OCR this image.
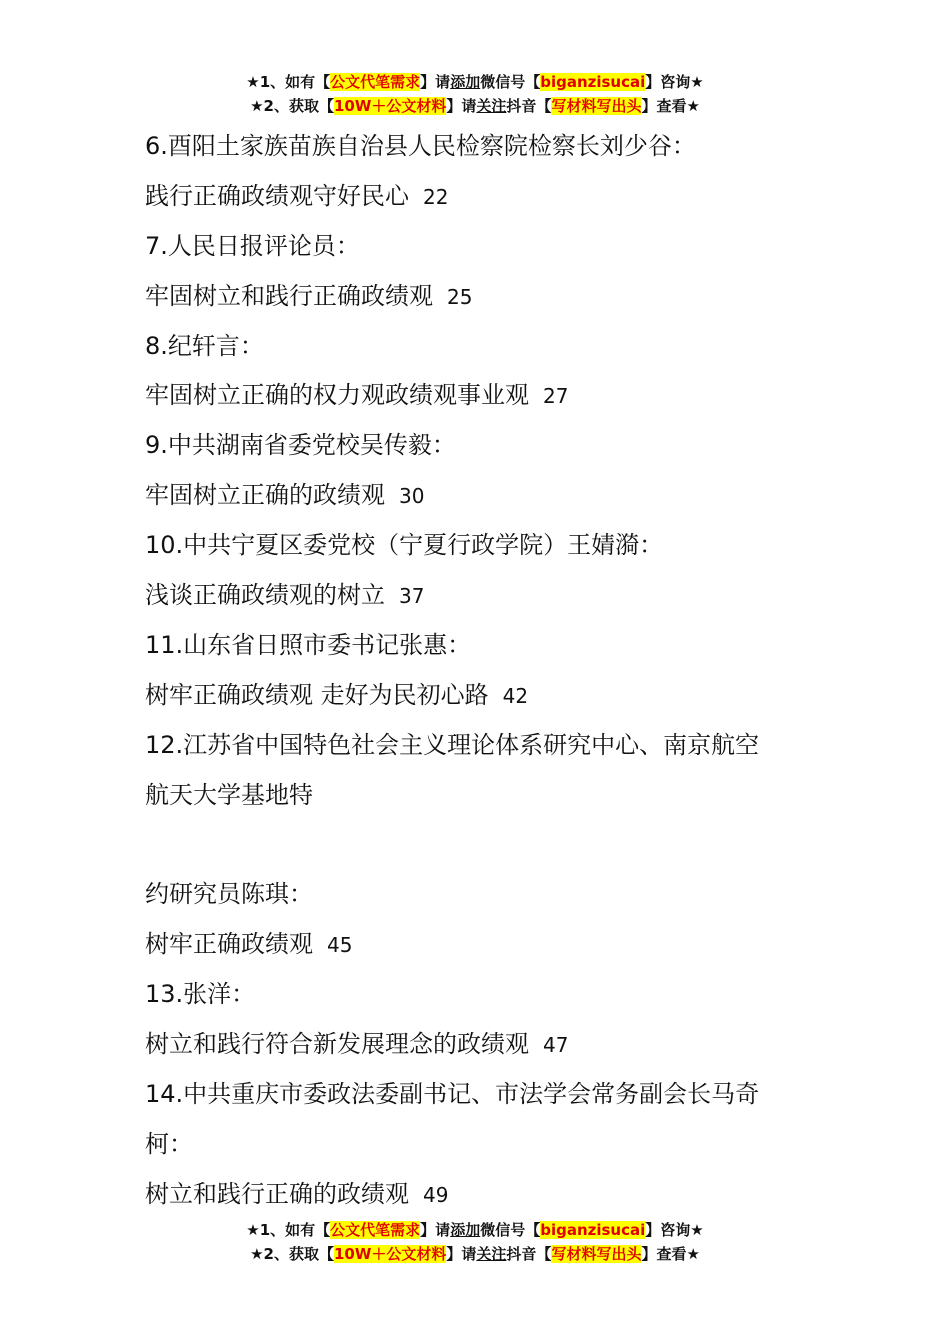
★1、如有【公文代笔需求】请添加微信号【biganzisucai】咨询★
★2、获取【10W＋公文材料】请关注抖音【写材料写出头】查看★
6.酉阳土家族苗族自治县人民检察院检察长刘少谷：
践行正确政绩观守好民心 22
7.人民日报评论员：
牢固树立和践行正确政绩观 25
8.纪轩言：
牢固树立正确的权力观政绩观事业观 27
9.中共湖南省委党校吴传毅：
牢固树立正确的政绩观 30
10.中共宁夏区委党校（宁夏行政学院）王婧漪：
浅谈正确政绩观的树立 37
11.山东省日照市委书记张惠：
树牢正确政绩观 走好为民初心路 42
12.江苏省中国特色社会主义理论体系研究中心、南京航空
航天大学基地特
约研究员陈琪：
树牢正确政绩观 45
13.张洋：
树立和践行符合新发展理念的政绩观 47
14.中共重庆市委政法委副书记、市法学会常务副会长马奇
柯：
树立和践行正确的政绩观 49
★1、如有【公文代笔需求】请添加微信号【biganzisucai】咨询★
★2、获取【10W＋公文材料】请关注抖音【写材料写出头】查看★
